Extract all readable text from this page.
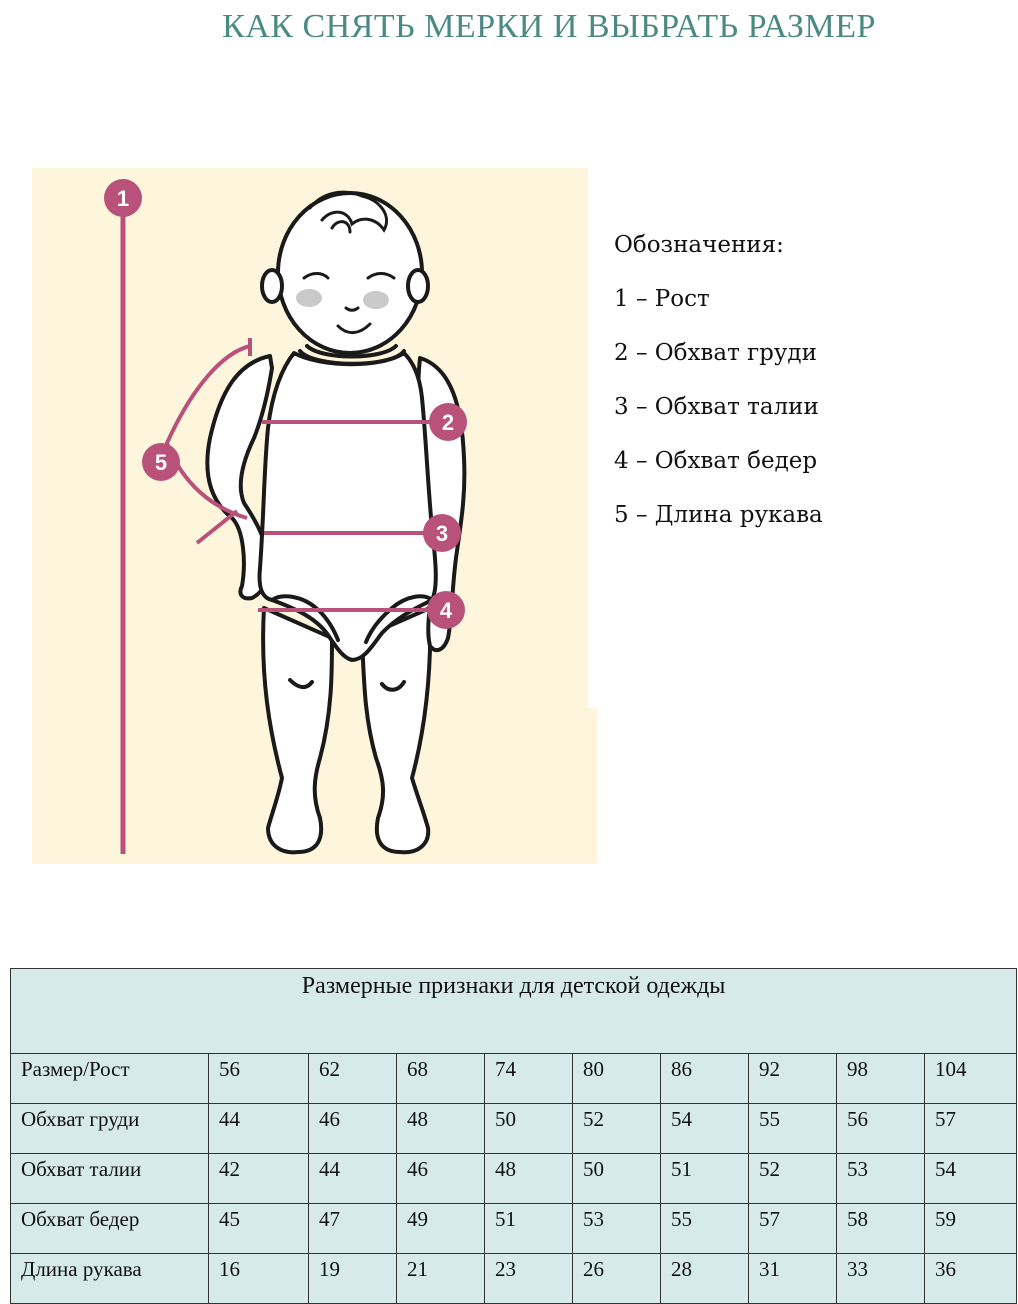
КАК СНЯТЬ МЕРКИ И ВЫБРАТЬ РАЗМЕР
1
2
3
4
5
Обозначения:
1 – Рост
2 – Обхват груди
3 – Обхват талии
4 – Обхват бедер
5 – Длина рукава
Размерные признаки для детской одежды									
Размер/Рост	56	62	68	74	80	86	92	98	104
Обхват груди	44	46	48	50	52	54	55	56	57
Обхват талии	42	44	46	48	50	51	52	53	54
Обхват бедер	45	47	49	51	53	55	57	58	59
Длина рукава	16	19	21	23	26	28	31	33	36
